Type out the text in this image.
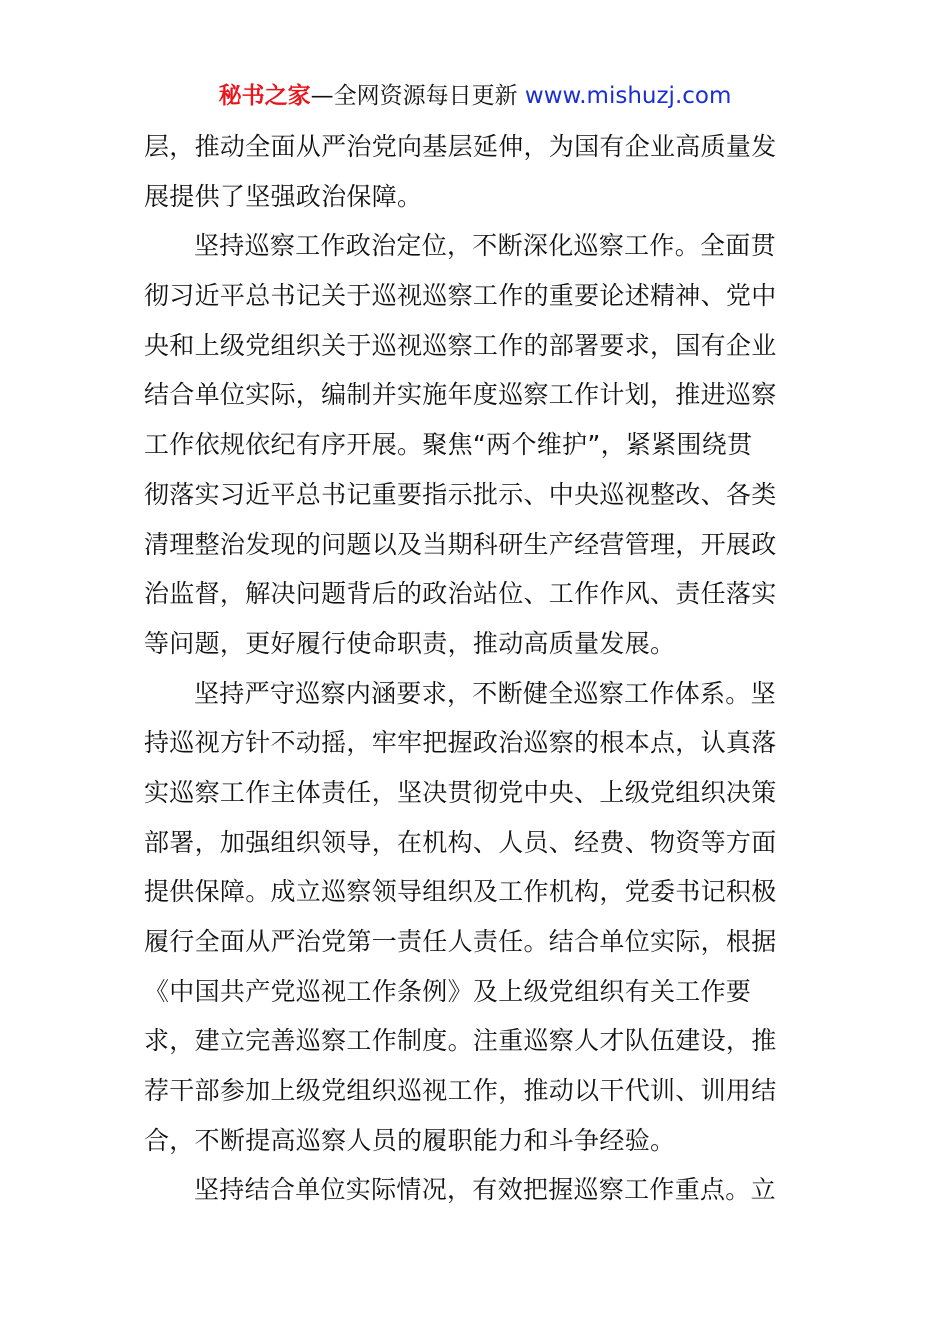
秘书之家—全网资源每日更新 www.mishuzj.com
层，推动全面从严治党向基层延伸，为国有企业高质量发
展提供了坚强政治保障。
坚持巡察工作政治定位，不断深化巡察工作。全面贯
彻习近平总书记关于巡视巡察工作的重要论述精神、党中
央和上级党组织关于巡视巡察工作的部署要求，国有企业
结合单位实际，编制并实施年度巡察工作计划，推进巡察
工作依规依纪有序开展。聚焦“两个维护”，紧紧围绕贯
彻落实习近平总书记重要指示批示、中央巡视整改、各类
清理整治发现的问题以及当期科研生产经营管理，开展政
治监督，解决问题背后的政治站位、工作作风、责任落实
等问题，更好履行使命职责，推动高质量发展。
坚持严守巡察内涵要求，不断健全巡察工作体系。坚
持巡视方针不动摇，牢牢把握政治巡察的根本点，认真落
实巡察工作主体责任，坚决贯彻党中央、上级党组织决策
部署，加强组织领导，在机构、人员、经费、物资等方面
提供保障。成立巡察领导组织及工作机构，党委书记积极
履行全面从严治党第一责任人责任。结合单位实际，根据
《中国共产党巡视工作条例》及上级党组织有关工作要
求，建立完善巡察工作制度。注重巡察人才队伍建设，推
荐干部参加上级党组织巡视工作，推动以干代训、训用结
合，不断提高巡察人员的履职能力和斗争经验。
坚持结合单位实际情况，有效把握巡察工作重点。立
